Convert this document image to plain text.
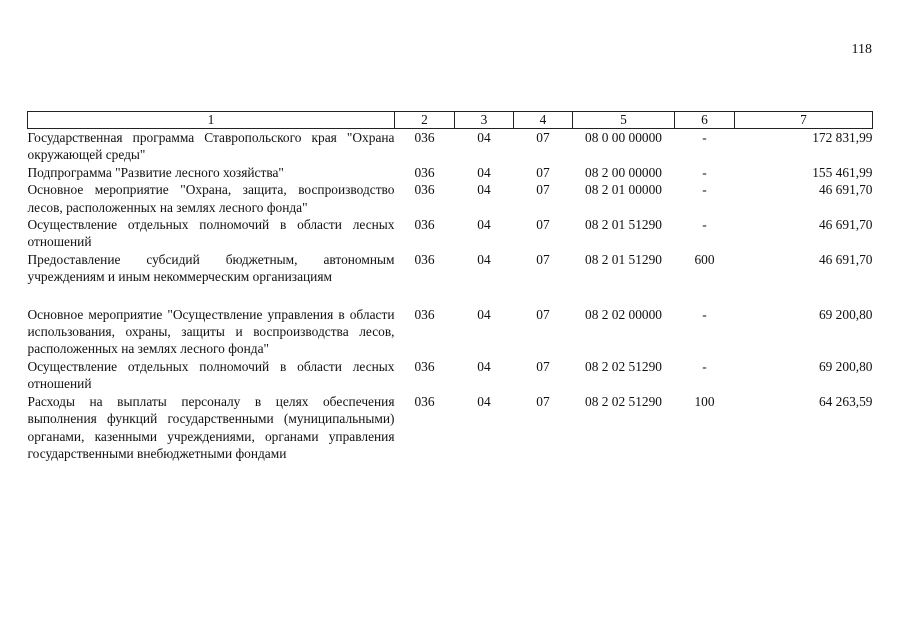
118
1	2	3	4	5	6	7
Государственная программа Ставропольского края "Охрана окружающей среды"	036	04	07	08 0 00 00000	-	172 831,99
Подпрограмма "Развитие лесного хозяйства"	036	04	07	08 2 00 00000	-	155 461,99
Основное мероприятие "Охрана, защита, воспроизводство лесов, расположенных на землях лесного фонда"	036	04	07	08 2 01 00000	-	46 691,70
Осуществление отдельных полномочий в области лесных отношений	036	04	07	08 2 01 51290	-	46 691,70
Предоставление субсидий бюджетным, автономным учреждениям и иным некоммерческим организациям	036	04	07	08 2 01 51290	600	46 691,70
Основное мероприятие "Осуществление управления в области использования, охраны, защиты и воспроизводства лесов, расположенных на землях лесного фонда"	036	04	07	08 2 02 00000	-	69 200,80
Осуществление отдельных полномочий в области лесных отношений	036	04	07	08 2 02 51290	-	69 200,80
Расходы на выплаты персоналу в целях обеспечения выполнения функций государственными (муниципальными) органами, казенными учреждениями, органами управления государственными внебюджетными фондами	036	04	07	08 2 02 51290	100	64 263,59
